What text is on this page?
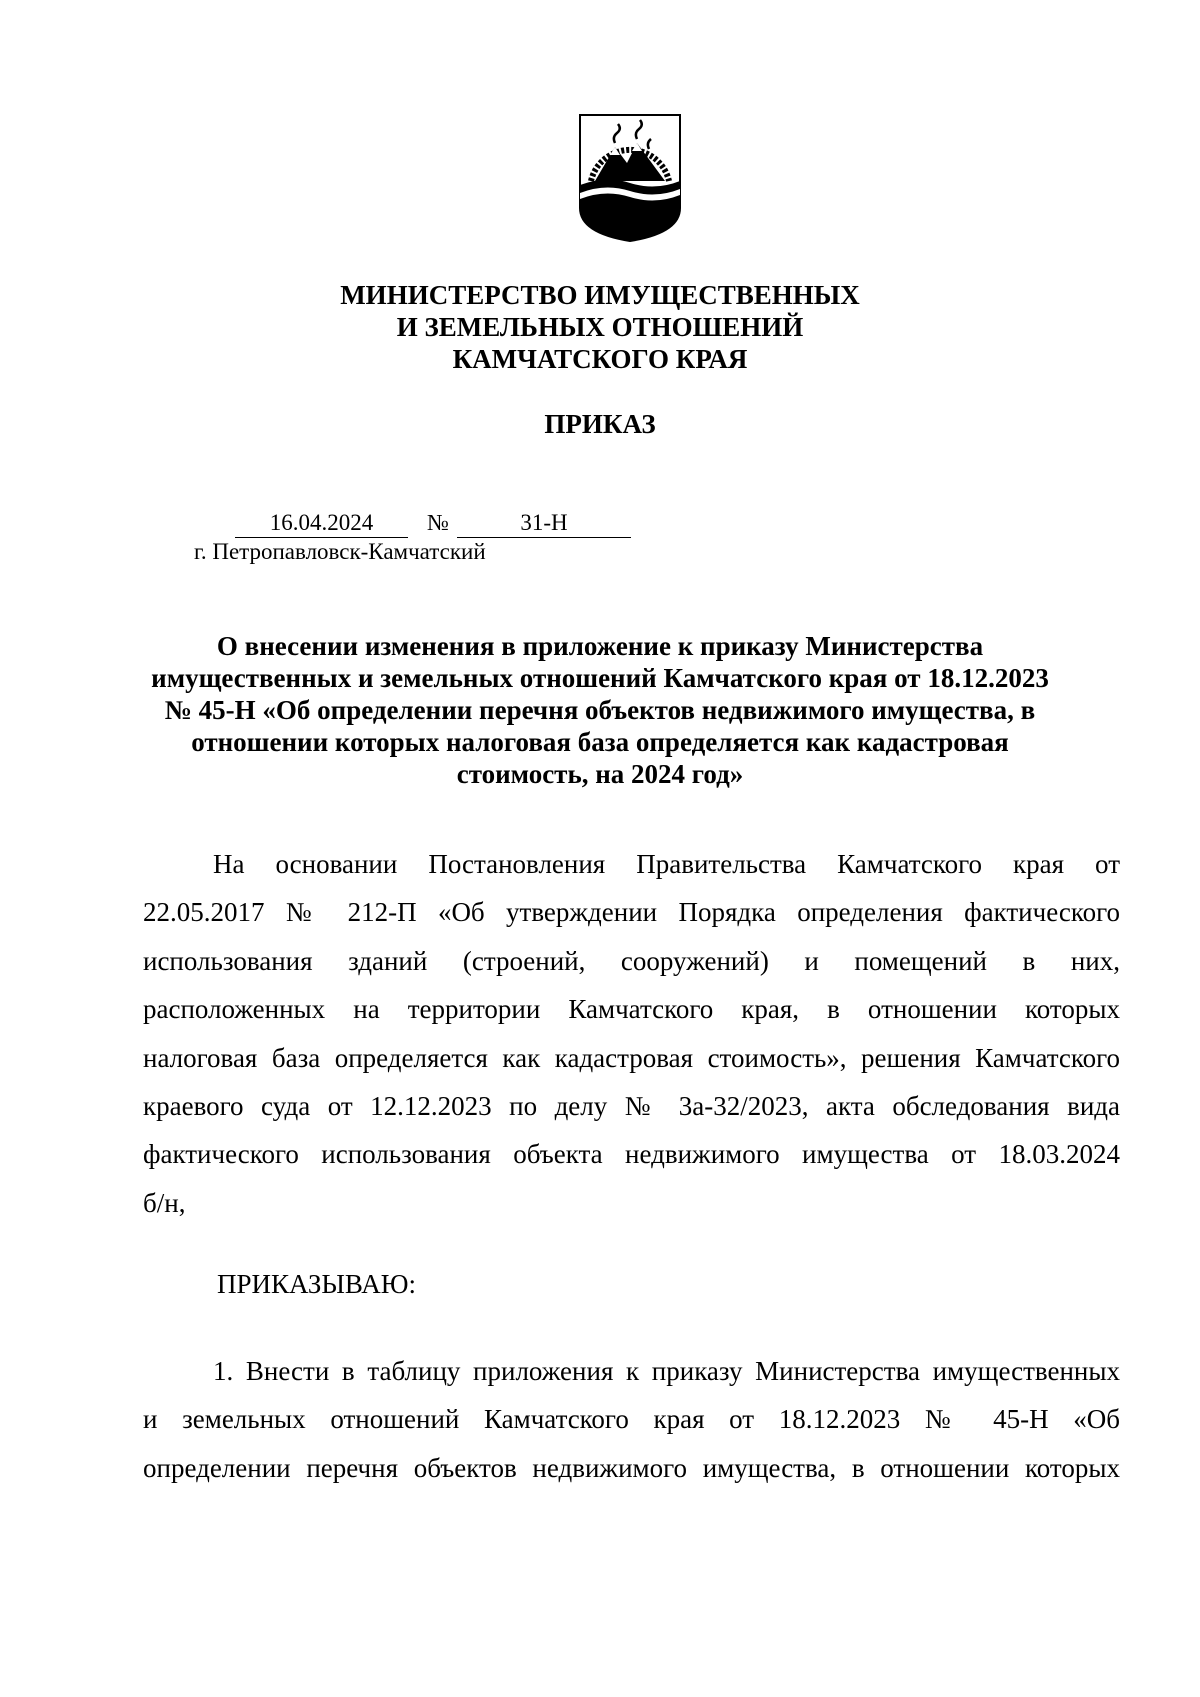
МИНИСТЕРСТВО ИМУЩЕСТВЕННЫХ
И ЗЕМЕЛЬНЫХ ОТНОШЕНИЙ
КАМЧАТСКОГО КРАЯ
ПРИКАЗ
16.04.2024	№	31-Н
г. Петропавловск-Камчатский
О внесении изменения в приложение к приказу Министерства
имущественных и земельных отношений Камчатского края от 18.12.2023
№ 45-Н «Об определении перечня объектов недвижимого имущества, в
отношении которых налоговая база определяется как кадастровая
стоимость, на 2024 год»
На основании Постановления Правительства Камчатского края от
22.05.2017 № 212-П «Об утверждении Порядка определения фактического
использования зданий (строений, сооружений) и помещений в них,
расположенных на территории Камчатского края, в отношении которых
налоговая база определяется как кадастровая стоимость», решения Камчатского
краевого суда от 12.12.2023 по делу № 3а-32/2023, акта обследования вида
фактического использования объекта недвижимого имущества от 18.03.2024
б/н,
ПРИКАЗЫВАЮ:
1. Внести в таблицу приложения к приказу Министерства имущественных
и земельных отношений Камчатского края от 18.12.2023 № 45-Н «Об
определении перечня объектов недвижимого имущества, в отношении которых
